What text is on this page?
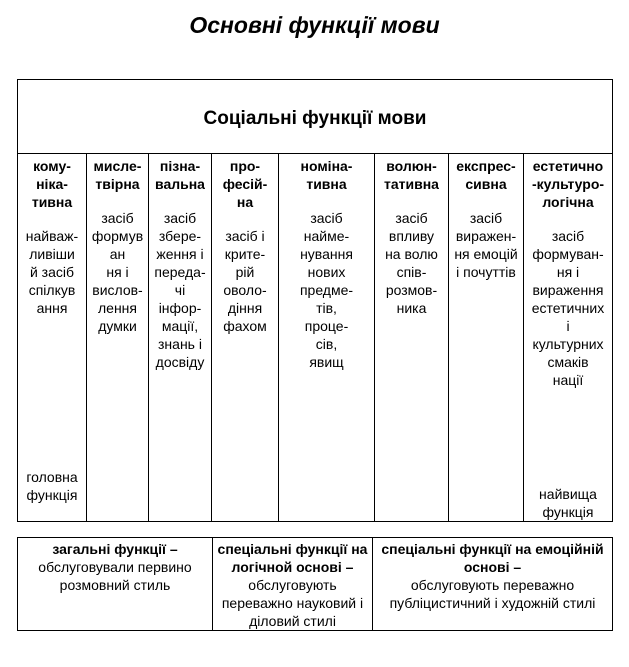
Основні функції мови
Соціальні функції мови
кому-
ніка-
тивна
найваж-
ливіши
й засіб
спілкув
ання
головна
функція
мисле-
твірна
засіб
формув
ан
ня і
вислов-
лення
думки
пізна-
вальна
засіб
збере-
ження і
переда-
чі
інфор-
мації,
знань і
досвіду
про-
фесій-
на
засіб і
крите-
рій
оволо-
діння
фахом
номіна-
тивна
засіб
найме-
нування
нових
предме-
тів,
проце-
сів,
явищ
волюн-
тативна
засіб
впливу
на волю
спів-
розмов-
ника
експрес-
сивна
засіб
виражен-
ня емоцій
і почуттів
естетично
-культуро-
логічна
засіб
формуван-
ня і
вираження
естетичних
і
культурних
смаків
нації
найвища
функція
загальні функції –
обслуговували первино
розмовний стиль
спеціальні функції на
логічной основі –
обслуговують
переважно науковий і
діловий стилі
спеціальні функції на емоційній
основі –
обслуговують переважно
публіцистичний і художній стилі
